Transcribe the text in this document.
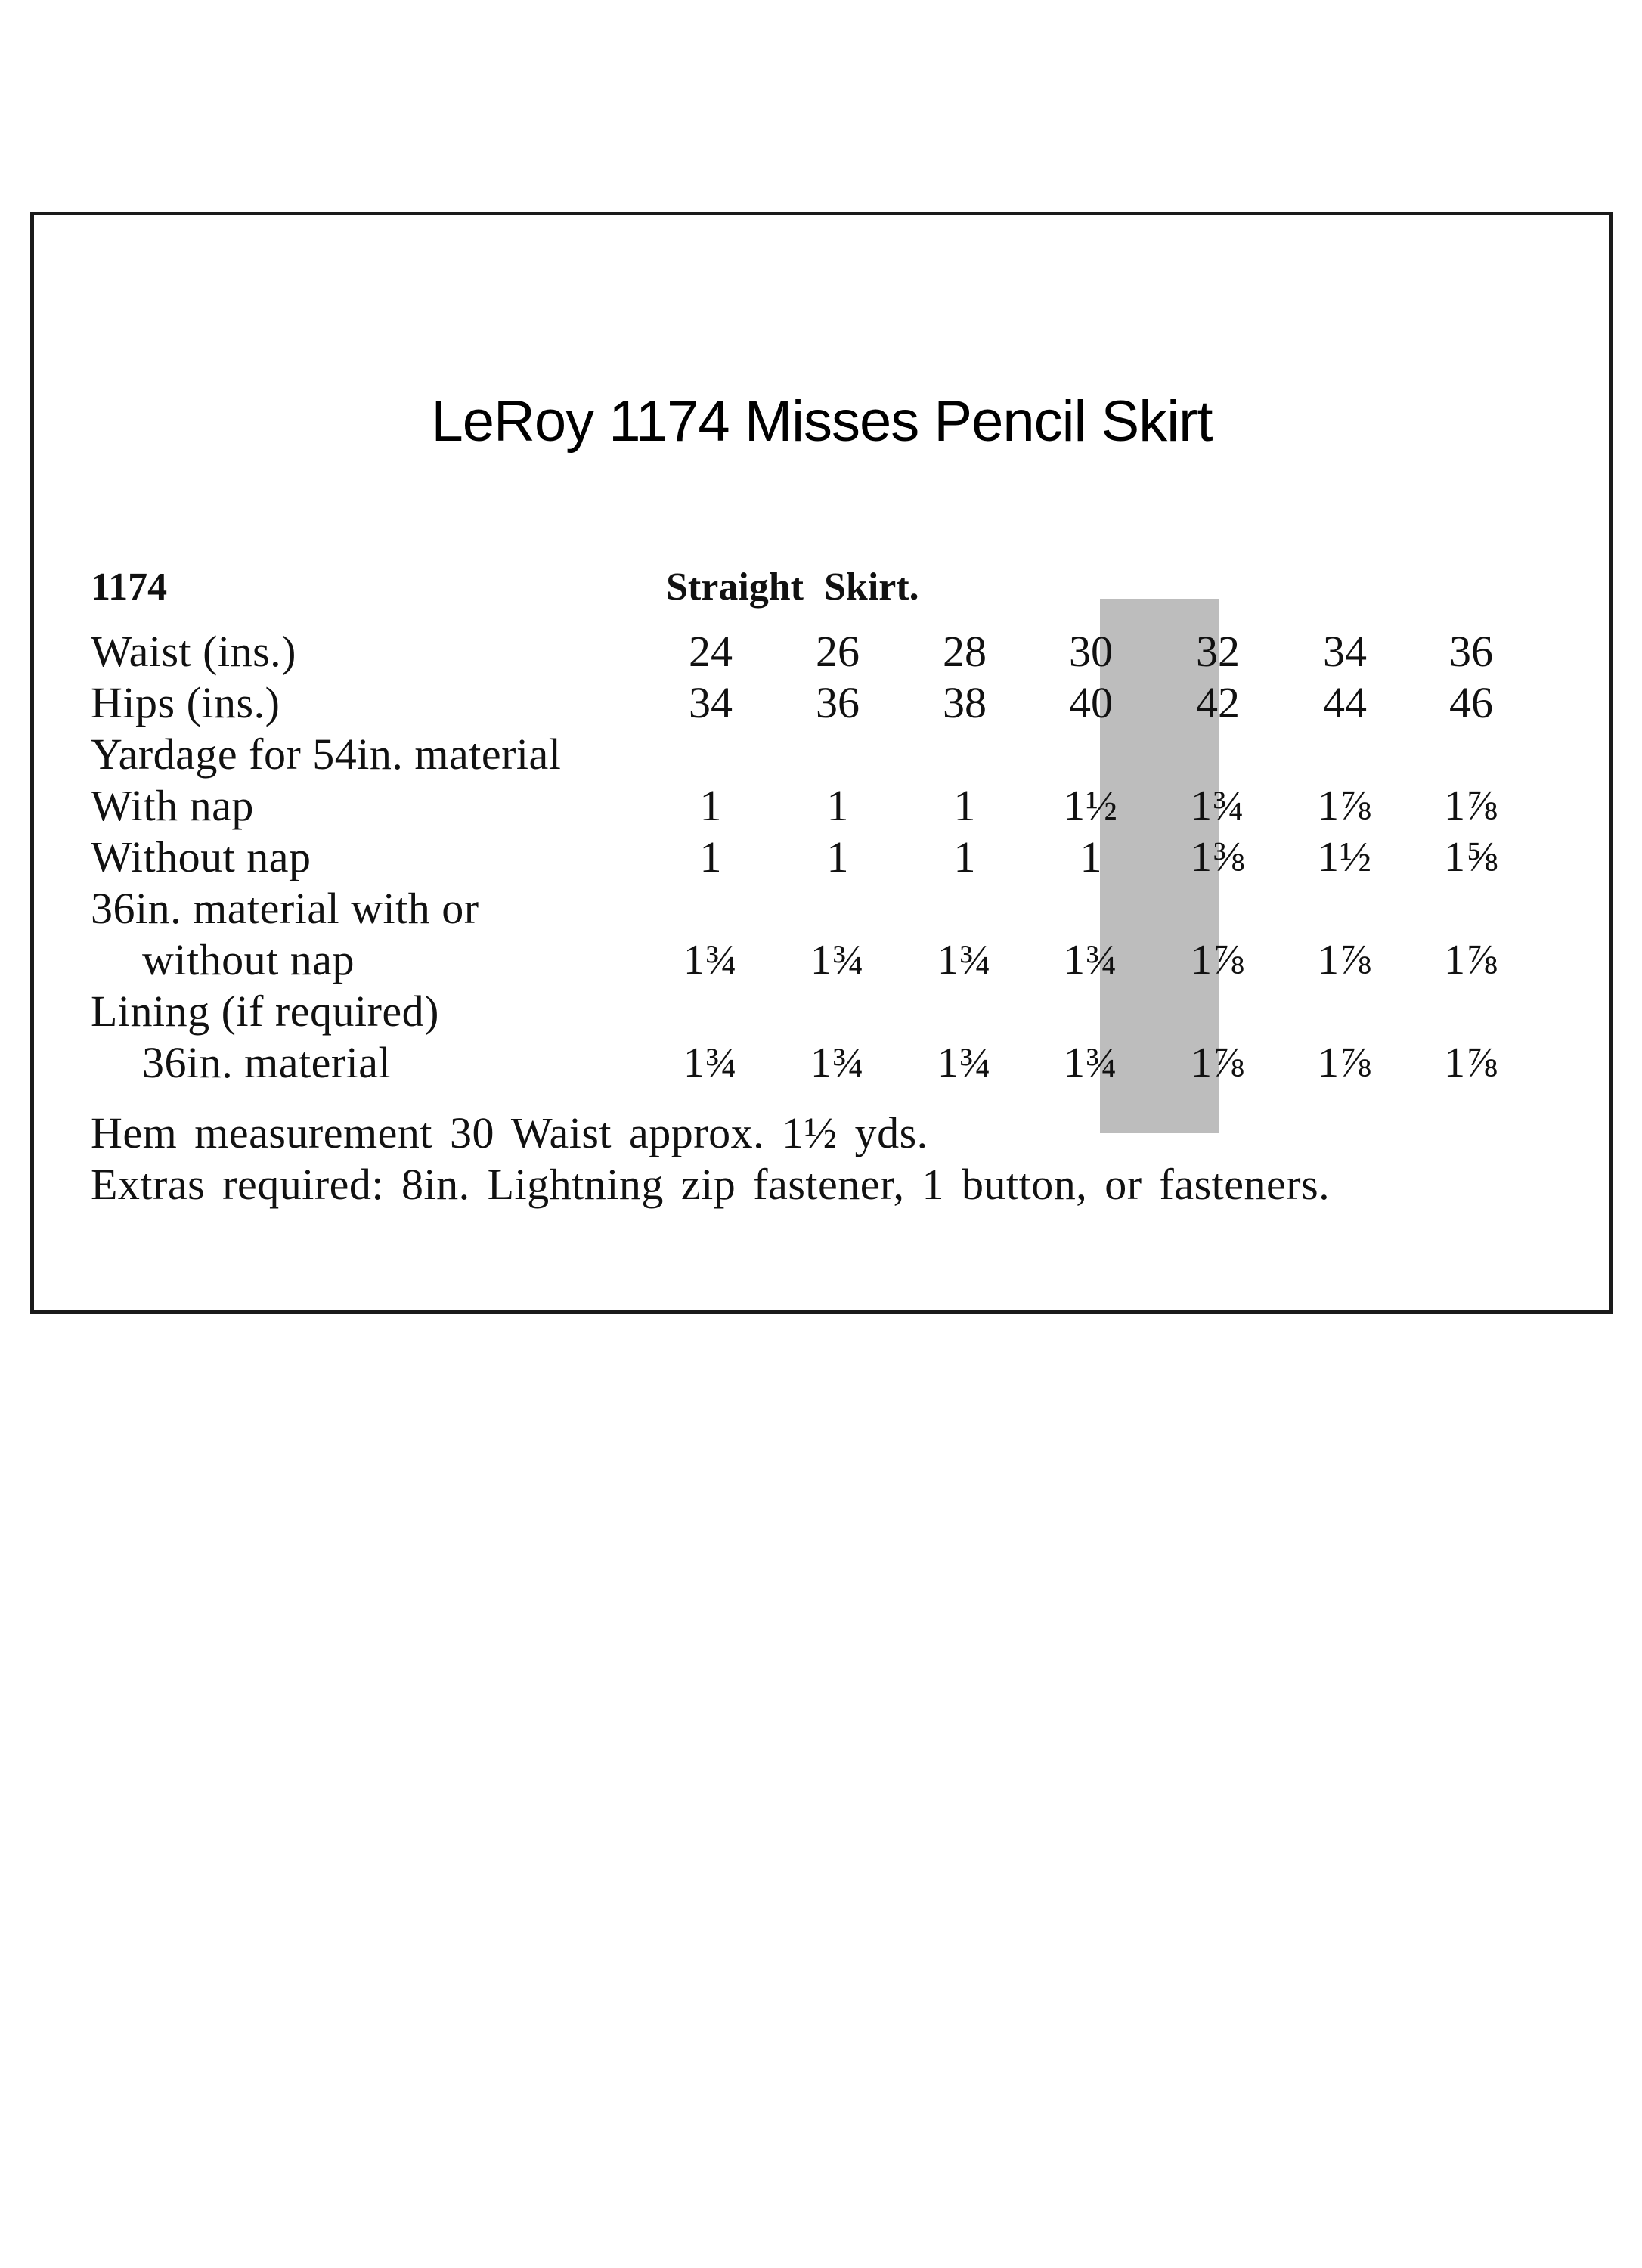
LeRoy 1174 Misses Pencil Skirt
1174	Straight Skirt.
Waist (ins.)	24	26	28	30	32	34	36
Hips (ins.)	34	36	38	40	42	44	46
Yardage for 54in. material
With nap	1	1	1	1½	1¾	1⅞	1⅞
Without nap	1	1	1	1	1⅜	1½	1⅝
36in. material with or
without nap	1¾	1¾	1¾	1¾	1⅞	1⅞	1⅞
Lining (if required)
36in. material	1¾	1¾	1¾	1¾	1⅞	1⅞	1⅞
Hem measurement 30 Waist approx. 1½ yds.
Extras required: 8in. Lightning zip fastener, 1 button, or fasteners.
